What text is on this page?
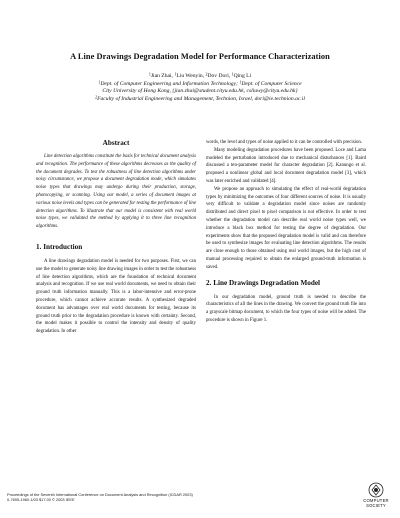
A Line Drawings Degradation Model for Performance Characterization
$^1$Jian Zhai, $^1$Liu Wenyin, $^2$Dov Dori, $^1$Qing Li
$^1$Dept. of Computer Engineering and Information Technology; $^1$Dept. of Computer Science
City University of Hong Kong, {jian.zhai@student.cityu.edu.hk, csliuwy@cityu.edu.hk}
$^2$Faculty of Industrial Engineering and Management, Technion, Israel, dori@ie.technion.ac.il
Abstract

Line detection algorithms constitute the basis for technical document analysis and recognition. The performance of these algorithms decreases as the quality of the document degrades. To test the robustness of line detection algorithms under noisy circumstance, we propose a document degradation mode, which simulates noise types that drawings may undergo during their production, storage, photocopying, or scanning. Using our model, a series of document images at various noise levels and types can be generated for testing the performance of line detection algorithms. To illustrate that our model is consistent with real world noise types, we validated the method by applying it to three line recognition algorithms.

1. Introduction

A line drawings degradation model is needed for two purposes. First, we can use the model to generate noisy line drawing images in order to test the robustness of line detection algorithms, which are the foundation of technical document analysis and recognition. If we use real world documents, we need to obtain their ground truth information manually. This is a labor-intensive and error-prone procedure, which cannot achieve accurate results. A synthesized degraded document has advantages over real world documents for testing, because its ground truth prior to the degradation procedure is known with certainty. Second, the model makes it possible to control the intensity and density of quality degradation. In other

words, the level and types of noise applied to it can be controlled with precision.

Many modeling degradation procedures have been proposed. Loce and Lama modeled the perturbation introduced due to mechanical disturbances [1]. Baird discussed a ten-parameter model for character degradation [2]. Kanungo et al. proposed a nonlinear global and local document degradation model [3], which was later enriched and validated [4].

We propose an approach to simulating the effect of real-world degradation types by minimizing the outcomes of four different sources of noise. It is usually very difficult to validate a degradation model since noises are randomly distributed and direct pixel to pixel comparison is not effective. In order to test whether the degradation model can describe real world noise types well, we introduce a black box method for testing the degree of degradation. Our experiments show that the proposed degradation model is valid and can therefore be used to synthesize images for evaluating line detection algorithms. The results are close enough to those obtained using real world images, but the high cost of manual processing required to obtain the enlarged ground-truth information is saved.

2. Line Drawings Degradation Model

In our degradation model, ground truth is needed to describe the characteristics of all the lines in the drawing. We convert the ground truth file into a grayscale bitmap document, to which the four types of noise will be added. The procedure is shown in Figure 1.

Proceedings of the Seventh International Conference on Document Analysis and Recognition (ICDAR 2003)
0-7695-1960-1/03 $17.00 © 2003 IEEE	COMPUTER
SOCIETY
